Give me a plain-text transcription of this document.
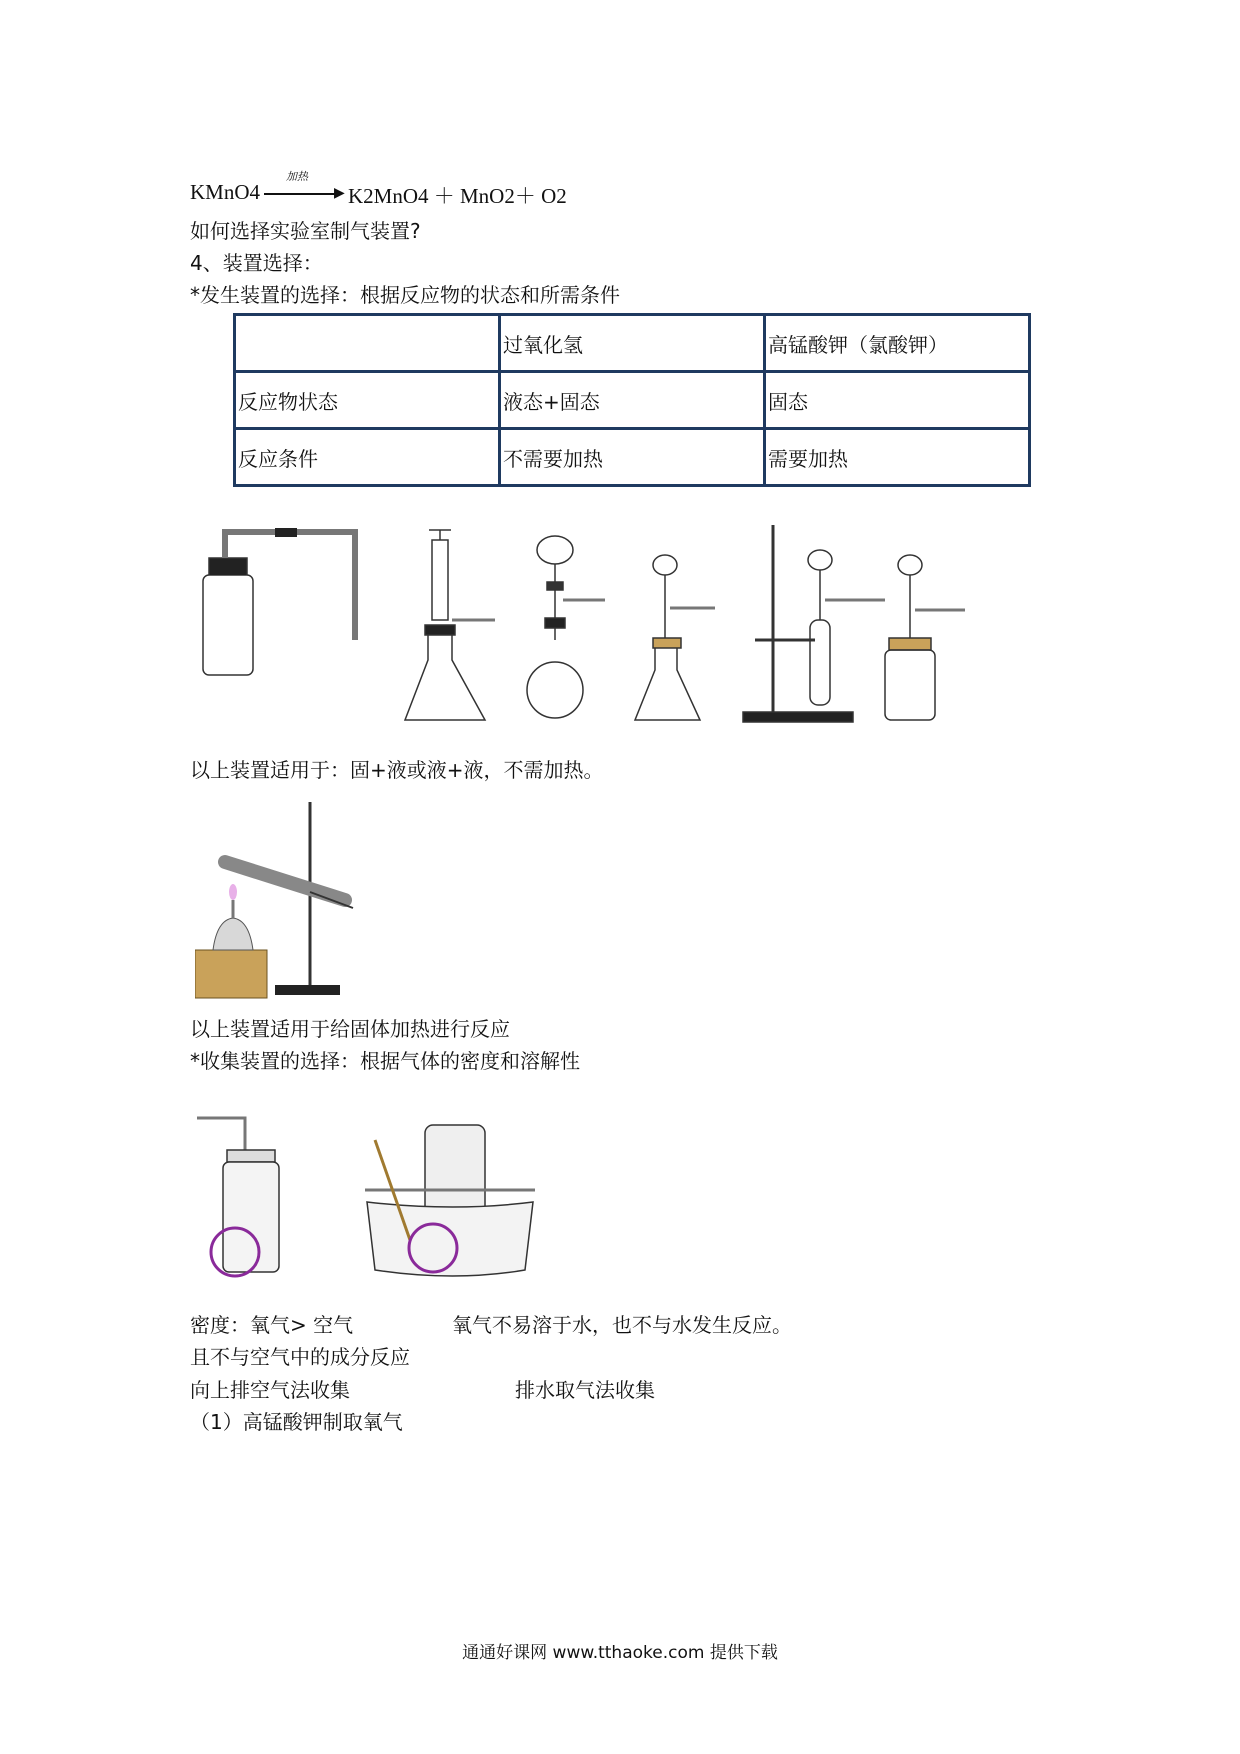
KMnO4
加热
▶ K2MnO4 ＋ MnO2＋ O2
如何选择实验室制气装置?
4、装置选择：
*发生装置的选择：根据反应物的状态和所需条件
	过氧化氢	高锰酸钾（氯酸钾）
反应物状态	液态+固态	固态
反应条件	不需要加热	需要加热
以上装置适用于：固+液或液+液，不需加热。
以上装置适用于给固体加热进行反应
*收集装置的选择：根据气体的密度和溶解性
密度：氧气> 空气	氧气不易溶于水，也不与水发生反应。
且不与空气中的成分反应
向上排空气法收集	排水取气法收集
（1）高锰酸钾制取氧气
通通好课网 www.tthaoke.com 提供下载
